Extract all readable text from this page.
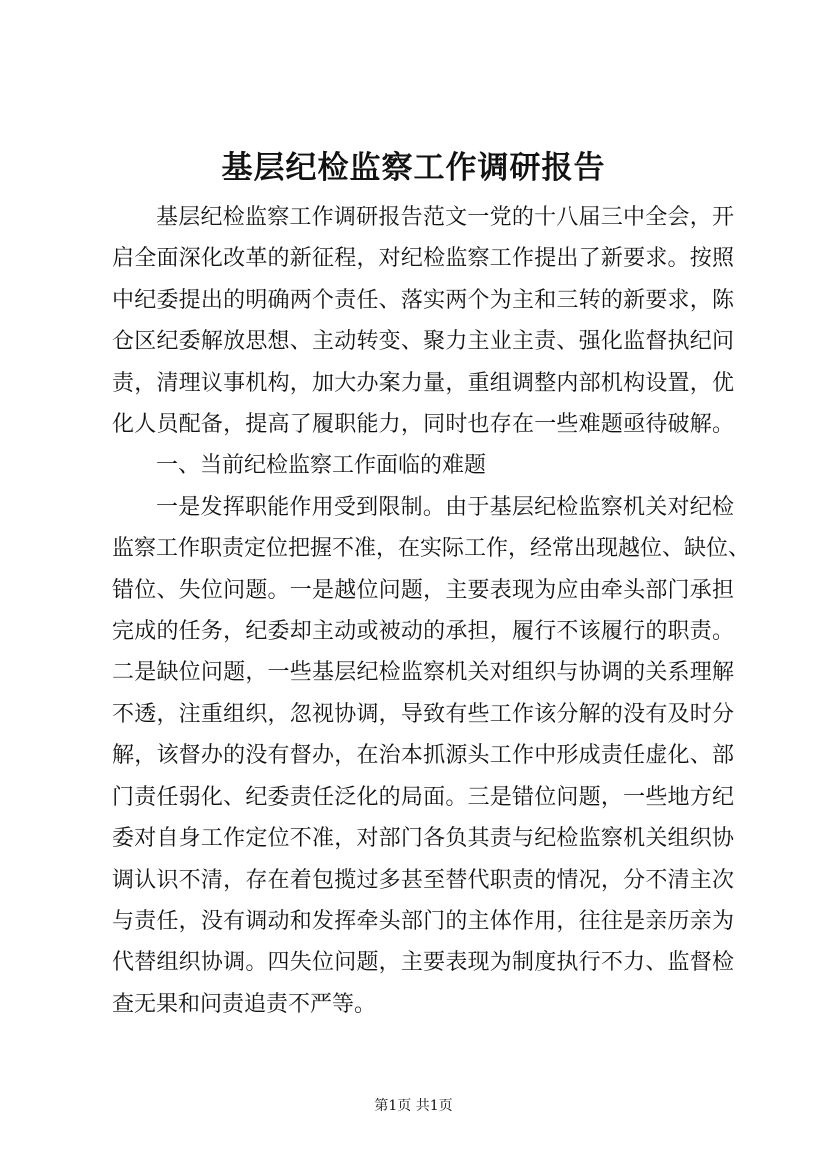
基层纪检监察工作调研报告
基层纪检监察工作调研报告范文一党的十八届三中全会，开
启全面深化改革的新征程，对纪检监察工作提出了新要求。按照
中纪委提出的明确两个责任、落实两个为主和三转的新要求，陈
仓区纪委解放思想、主动转变、聚力主业主责、强化监督执纪问
责，清理议事机构，加大办案力量，重组调整内部机构设置，优
化人员配备，提高了履职能力，同时也存在一些难题亟待破解。
一、当前纪检监察工作面临的难题
一是发挥职能作用受到限制。由于基层纪检监察机关对纪检
监察工作职责定位把握不准，在实际工作，经常出现越位、缺位、
错位、失位问题。一是越位问题，主要表现为应由牵头部门承担
完成的任务，纪委却主动或被动的承担，履行不该履行的职责。
二是缺位问题，一些基层纪检监察机关对组织与协调的关系理解
不透，注重组织，忽视协调，导致有些工作该分解的没有及时分
解，该督办的没有督办，在治本抓源头工作中形成责任虚化、部
门责任弱化、纪委责任泛化的局面。三是错位问题，一些地方纪
委对自身工作定位不准，对部门各负其责与纪检监察机关组织协
调认识不清，存在着包揽过多甚至替代职责的情况，分不清主次
与责任，没有调动和发挥牵头部门的主体作用，往往是亲历亲为
代替组织协调。四失位问题，主要表现为制度执行不力、监督检
查无果和问责追责不严等。
第1页 共1页
